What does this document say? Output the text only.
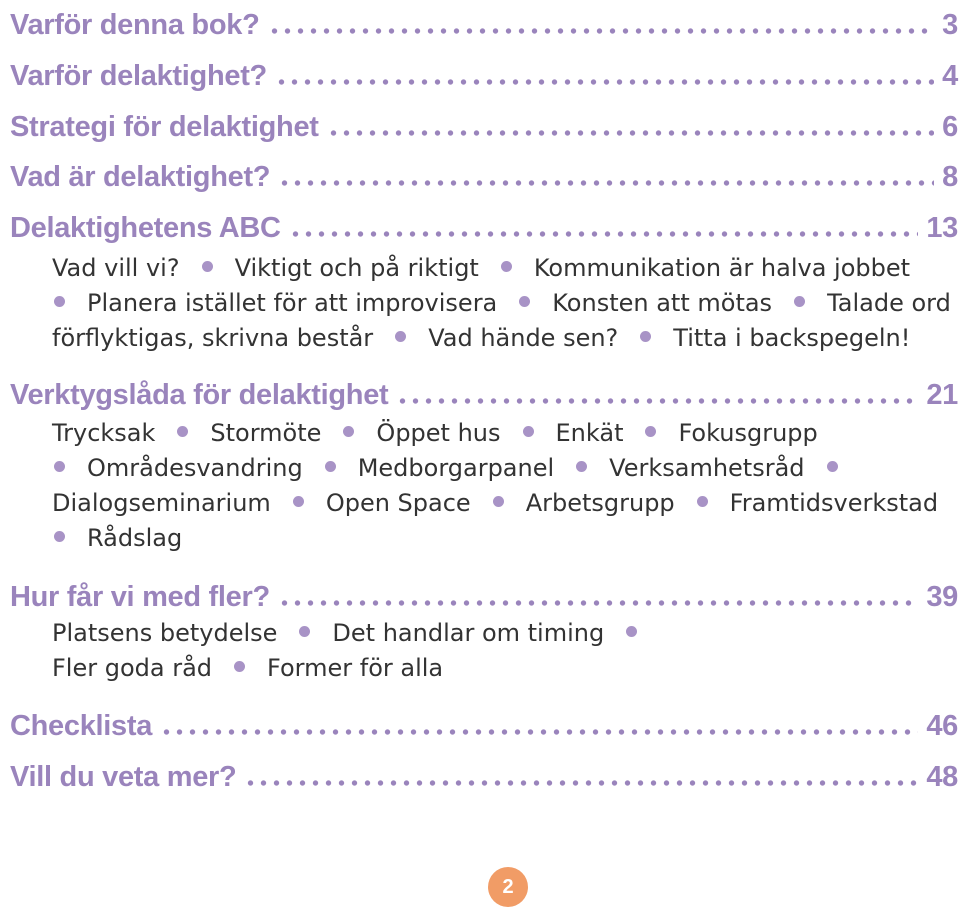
Varför denna bok?	3
Varför delaktighet?	4
Strategi för delaktighet	6
Vad är delaktighet?	8
Delaktighetens ABC	13
Vad vill vi? Viktigt och på riktigt Kommunikation är halva jobbet
Planera istället för att improvisera Konsten att mötas Talade ord förflyktigas, skrivna består Vad hände sen? Titta i backspegeln!
Verktygslåda för delaktighet	21
Trycksak Stormöte Öppet hus Enkät Fokusgrupp
Områdesvandring Medborgarpanel Verksamhetsråd
Dialogseminarium Open Space Arbetsgrupp Framtidsverkstad
Rådslag
Hur får vi med fler?	39
Platsens betydelse Det handlar om timing
Fler goda råd Former för alla
Checklista	46
Vill du veta mer?	48
2
